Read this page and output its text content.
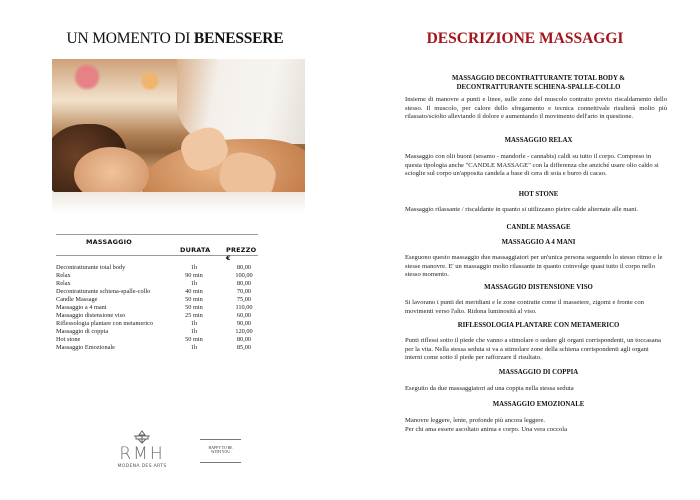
UN MOMENTO DI BENESSERE
MASSAGGIO
DURATA PREZZO €
Decontratturante total body	1h	80,00
Relax	90 min	100,00
Relax	1h	80,00
Decontratturante schiena-spalle-collo	40 min	70,00
Candle Massage	50 min	75,00
Massaggio a 4 mani	50 min	110,00
Massaggio distensione viso	25 min	60,00
Riflessologia plantare con metamerico	1h	90,00
Massaggio di coppia	1h	120,00
Hot stone	50 min	80,00
Massaggio Emozionale	1h	85,00
RMH
MODENA DES ARTS
HAPPY TO BE
WITH YOU
DESCRIZIONE MASSAGGI
MASSAGGIO DECONTRATTURANTE TOTAL BODY &
DECONTRATTURANTE SCHIENA-SPALLE-COLLO
Insieme di manovre a punti e linee, sulle zone del muscolo contratto previo riscaldamento dello stesso. Il muscolo, per calore dello sfregamento e tecnica connettivale risulterà molto più rilassato/sciolto alleviando il dolore e aumentando il movimento dell'arto in questione.
MASSAGGIO RELAX
Massaggio con olii buoni (sesamo - mandorle - cannabis) caldi su tutto il corpo. Compreso in questa tipologia anche "CANDLE MASSAGE" con la differenza che anziché usare olio caldo si scioglie sul corpo un'apposita candela a base di cera di soia e burro di cacao.
HOT STONE
Massaggio rilassante / riscaldante in quanto si utilizzano pietre calde alternate alle mani.
CANDLE MASSAGE
MASSAGGIO A 4 MANI
Eseguono questo massaggio due massaggiatori per un'unica persona seguendo lo stesso ritmo e le stesse manovre. E' un massaggio molto rilassante in quanto coinvolge quasi tutto il corpo nello stesso momento.
MASSAGGIO DISTENSIONE VISO
Si lavorano i punti dei meridiani e le zone contratte come il massetere, zigomi e fronte con movimenti verso l'alto. Ridona luminosità al viso.
RIFLESSOLOGIA PLANTARE CON METAMERICO
Punti riflessi sotto il piede che vanno a stimolare o sedare gli organi corrispondenti, un toccasana per la vita. Nella stessa seduta si va a stimolare zone della schiena corrispondenti agli organi interni come sotto il piede per rafforzare il risultato.
MASSAGGIO DI COPPIA
Eseguito da due massaggiatori ad una coppia nella stessa seduta
MASSAGGIO EMOZIONALE
Manovre leggere, lente, profonde più ancora leggere.
Per chi ama essere ascoltato anima e corpo. Una vera coccola
